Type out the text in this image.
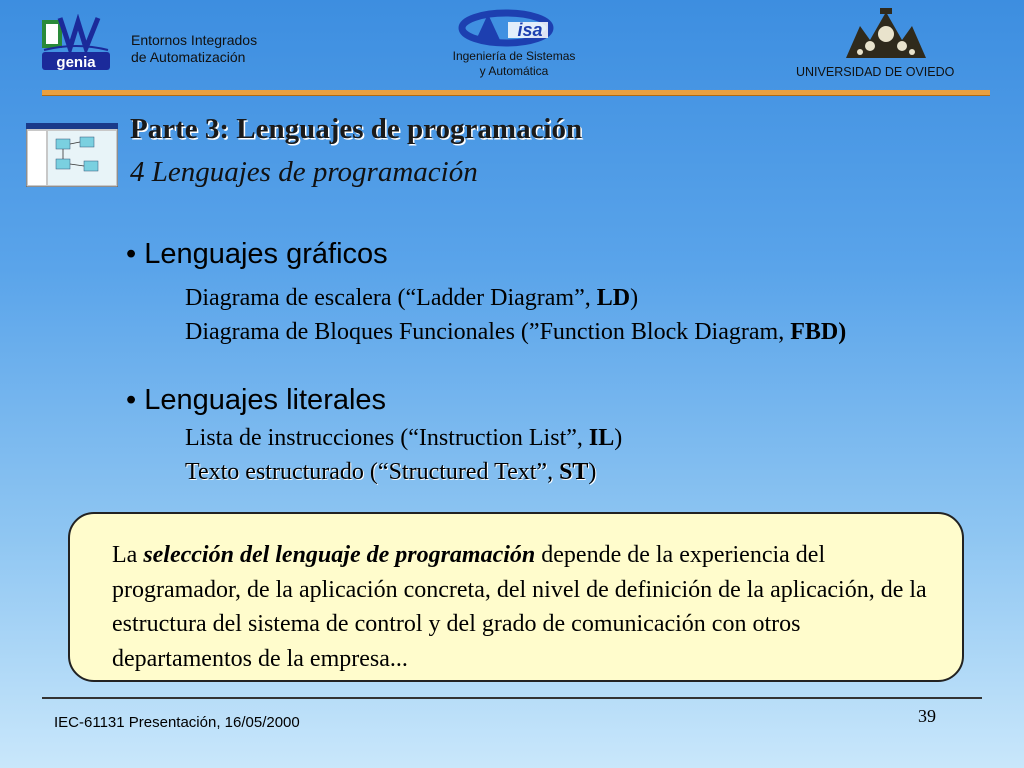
genia
Entornos Integrados
de Automatización
isa
Ingeniería de Sistemas
y Automática	UNIVERSIDAD DE OVIEDO
Parte 3: Lenguajes de programación
4 Lenguajes de programación
• Lenguajes gráficos
Diagrama de escalera (“Ladder Diagram”, LD)
Diagrama de Bloques Funcionales (”Function Block Diagram, FBD)
• Lenguajes literales
Lista de instrucciones (“Instruction List”, IL)
Texto estructurado (“Structured Text”, ST)
La selección del lenguaje de programación depende de la experiencia del programador, de la aplicación concreta, del nivel de definición de la aplicación, de la estructura del sistema de control y del grado de comunicación con otros departamentos de la empresa...
IEC-61131 Presentación, 16/05/2000	39
